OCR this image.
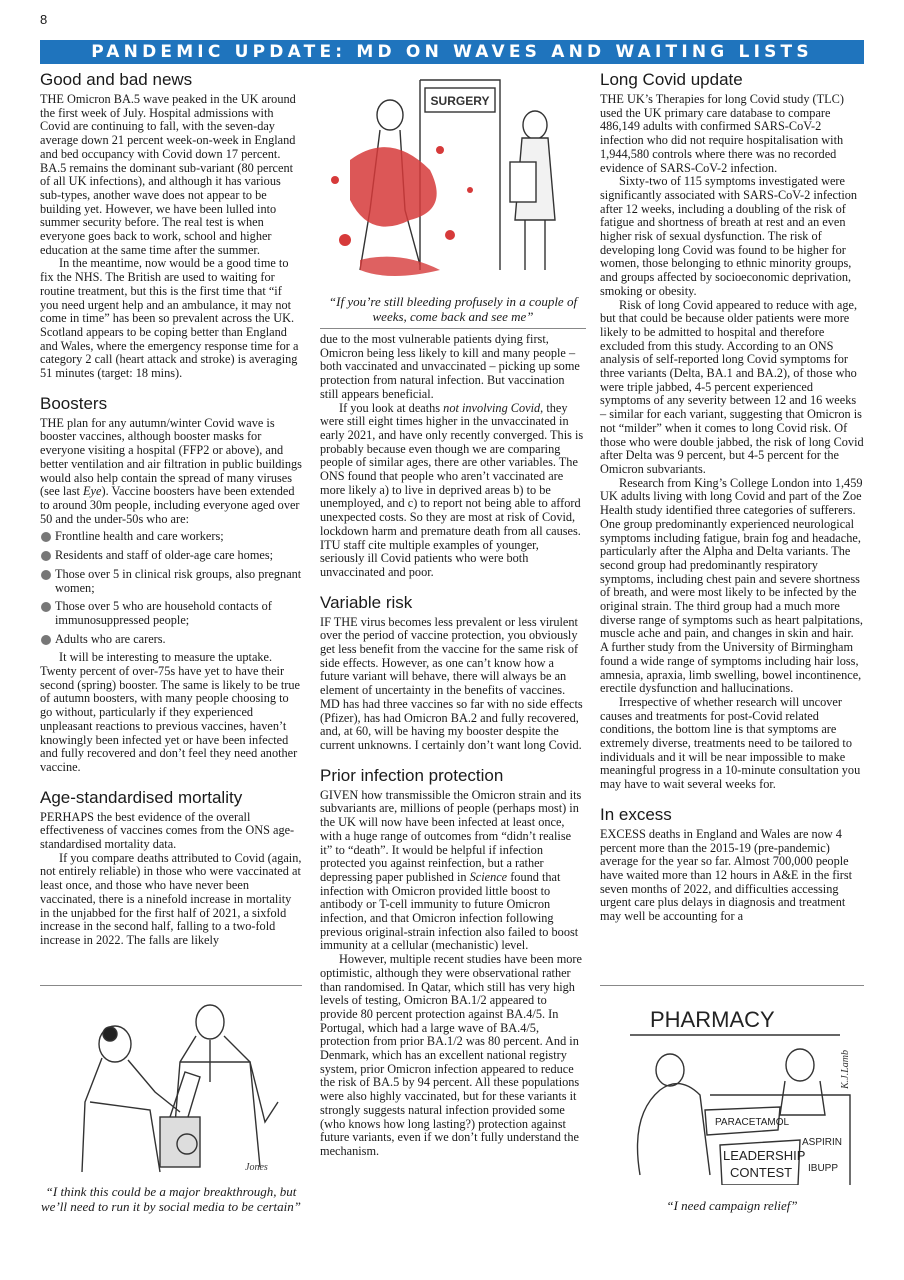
8
PANDEMIC UPDATE: MD ON WAVES AND WAITING LISTS
Good and bad news

THE Omicron BA.5 wave peaked in the UK around the first week of July. Hospital admissions with Covid are continuing to fall, with the seven-day average down 21 percent week-on-week in England and bed occupancy with Covid down 17 percent. BA.5 remains the dominant sub-variant (80 percent of all UK infections), and although it has various sub-types, another wave does not appear to be building yet. However, we have been lulled into summer security before. The real test is when everyone goes back to work, school and higher education at the same time after the summer.

In the meantime, now would be a good time to fix the NHS. The British are used to waiting for routine treatment, but this is the first time that “if you need urgent help and an ambulance, it may not come in time” has been so prevalent across the UK. Scotland appears to be coping better than England and Wales, where the emergency response time for a category 2 call (heart attack and stroke) is averaging 51 minutes (target: 18 mins).

Boosters

THE plan for any autumn/winter Covid wave is booster vaccines, although booster masks for everyone visiting a hospital (FFP2 or above), and better ventilation and air filtration in public buildings would also help contain the spread of many viruses (see last Eye). Vaccine boosters have been extended to around 30m people, including everyone aged over 50 and the under-50s who are:

Frontline health and care workers;
Residents and staff of older-age care homes;
Those over 5 in clinical risk groups, also pregnant women;
Those over 5 who are household contacts of immunosuppressed people;
Adults who are carers.

It will be interesting to measure the uptake. Twenty percent of over-75s have yet to have their second (spring) booster. The same is likely to be true of autumn boosters, with many people choosing to go without, particularly if they experienced unpleasant reactions to previous vaccines, haven’t knowingly been infected yet or have been infected and fully recovered and don’t feel they need another vaccine.

Age-standardised mortality

PERHAPS the best evidence of the overall effectiveness of vaccines comes from the ONS age-standardised mortality data.

If you compare deaths attributed to Covid (again, not entirely reliable) in those who were vaccinated at least once, and those who have never been vaccinated, there is a ninefold increase in mortality in the unjabbed for the first half of 2021, a sixfold increase in the second half, falling to a two-fold increase in 2022. The falls are likely

Jones
“I think this could be a major breakthrough, but we’ll need to run it by social media to be certain”
SURGERY
“If you’re still bleeding profusely in a couple of weeks, come back and see me”

due to the most vulnerable patients dying first, Omicron being less likely to kill and many people – both vaccinated and unvaccinated – picking up some protection from natural infection. But vaccination still appears beneficial.

If you look at deaths not involving Covid, they were still eight times higher in the unvaccinated in early 2021, and have only recently converged. This is probably because even though we are comparing people of similar ages, there are other variables. The ONS found that people who aren’t vaccinated are more likely a) to live in deprived areas b) to be unemployed, and c) to report not being able to afford unexpected costs. So they are most at risk of Covid, lockdown harm and premature death from all causes. ITU staff cite multiple examples of younger, seriously ill Covid patients who were both unvaccinated and poor.

Variable risk

IF THE virus becomes less prevalent or less virulent over the period of vaccine protection, you obviously get less benefit from the vaccine for the same risk of side effects. However, as one can’t know how a future variant will behave, there will always be an element of uncertainty in the benefits of vaccines. MD has had three vaccines so far with no side effects (Pfizer), has had Omicron BA.2 and fully recovered, and, at 60, will be having my booster despite the current unknowns. I certainly don’t want long Covid.

Prior infection protection

GIVEN how transmissible the Omicron strain and its subvariants are, millions of people (perhaps most) in the UK will now have been infected at least once, with a huge range of outcomes from “didn’t realise it” to “death”. It would be helpful if infection protected you against reinfection, but a rather depressing paper published in Science found that infection with Omicron provided little boost to antibody or T-cell immunity to future Omicron infection, and that Omicron infection following previous original-strain infection also failed to boost immunity at a cellular (mechanistic) level.

However, multiple recent studies have been more optimistic, although they were observational rather than randomised. In Qatar, which still has very high levels of testing, Omicron BA.1/2 appeared to provide 80 percent protection against BA.4/5. In Portugal, which had a large wave of BA.4/5, protection from prior BA.1/2 was 80 percent. And in Denmark, which has an excellent national registry system, prior Omicron infection appeared to reduce the risk of BA.5 by 94 percent. All these populations were also highly vaccinated, but for these variants it strongly suggests natural infection provided some (who knows how long lasting?) protection against future variants, even if we don’t fully understand the mechanism.

Long Covid update

THE UK’s Therapies for long Covid study (TLC) used the UK primary care database to compare 486,149 adults with confirmed SARS-CoV-2 infection who did not require hospitalisation with 1,944,580 controls where there was no recorded evidence of SARS-CoV-2 infection.

Sixty-two of 115 symptoms investigated were significantly associated with SARS-CoV-2 infection after 12 weeks, including a doubling of the risk of fatigue and shortness of breath at rest and an even higher risk of sexual dysfunction. The risk of developing long Covid was found to be higher for women, those belonging to ethnic minority groups, and groups affected by socioeconomic deprivation, smoking or obesity.

Risk of long Covid appeared to reduce with age, but that could be because older patients were more likely to be admitted to hospital and therefore excluded from this study. According to an ONS analysis of self-reported long Covid symptoms for three variants (Delta, BA.1 and BA.2), of those who were triple jabbed, 4-5 percent experienced symptoms of any severity between 12 and 16 weeks – similar for each variant, suggesting that Omicron is not “milder” when it comes to long Covid risk. Of those who were double jabbed, the risk of long Covid after Delta was 9 percent, but 4-5 percent for the Omicron subvariants.

Research from King’s College London into 1,459 UK adults living with long Covid and part of the Zoe Health study identified three categories of sufferers. One group predominantly experienced neurological symptoms including fatigue, brain fog and headache, particularly after the Alpha and Delta variants. The second group had predominantly respiratory symptoms, including chest pain and severe shortness of breath, and were most likely to be infected by the original strain. The third group had a much more diverse range of symptoms such as heart palpitations, muscle ache and pain, and changes in skin and hair. A further study from the University of Birmingham found a wide range of symptoms including hair loss, amnesia, apraxia, limb swelling, bowel incontinence, erectile dysfunction and hallucinations.

Irrespective of whether research will uncover causes and treatments for post-Covid related conditions, the bottom line is that symptoms are extremely diverse, treatments need to be tailored to individuals and it will be near impossible to make meaningful progress in a 10-minute consultation you may have to wait several weeks for.

In excess

EXCESS deaths in England and Wales are now 4 percent more than the 2015-19 (pre-pandemic) average for the year so far. Almost 700,000 people have waited more than 12 hours in A&E in the first seven months of 2022, and difficulties accessing urgent care plus delays in diagnosis and treatment may well be accounting for a

PHARMACY
PARACETAMOL
LEADERSHIP
CONTEST
ASPIRIN
IBUPP
K.J.Lamb
“I need campaign relief”
